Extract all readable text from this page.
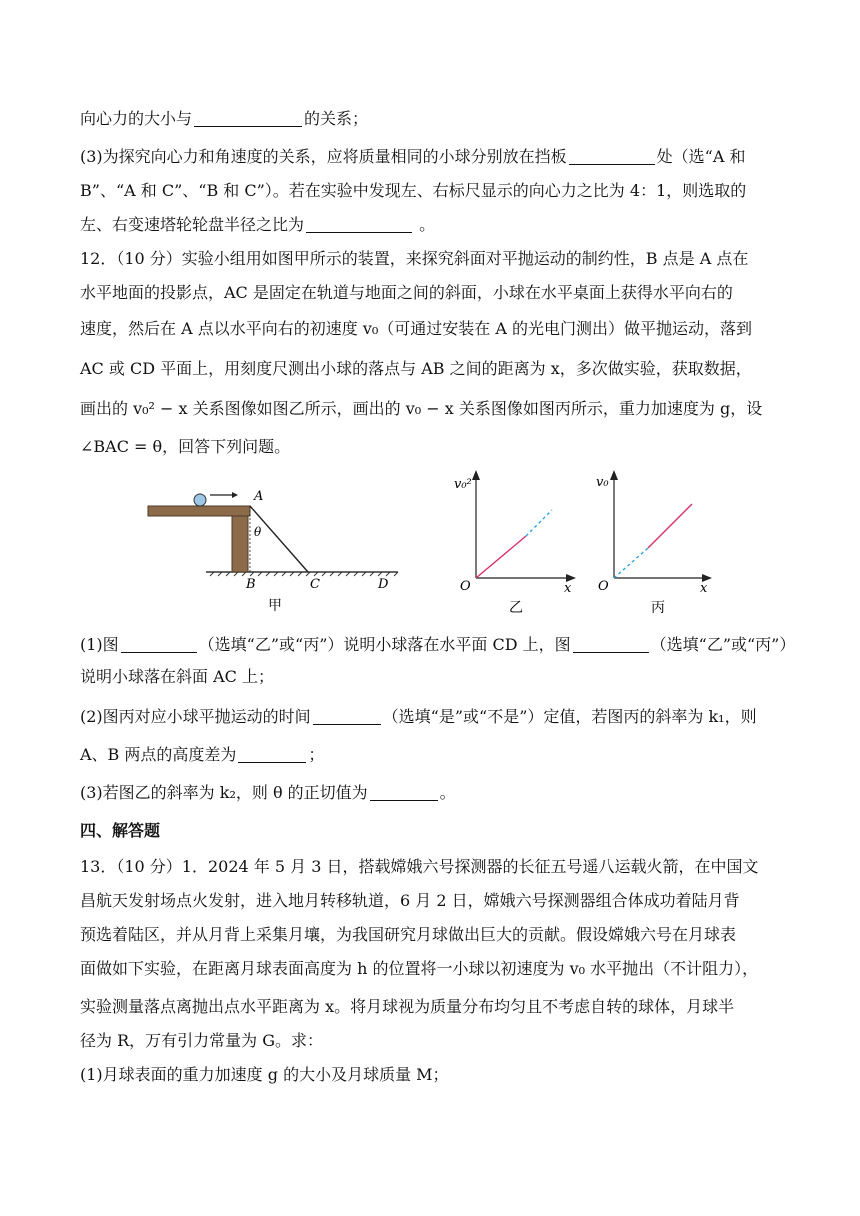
向心力的大小与	的关系；
(3)为探究向心力和角速度的关系，应将质量相同的小球分别放在挡板	处（选“A 和
B”、“A 和 C”、“B 和 C”）。若在实验中发现左、右标尺显示的向心力之比为 4：1，则选取的
左、右变速塔轮轮盘半径之比为	。
12．（10 分）实验小组用如图甲所示的装置，来探究斜面对平抛运动的制约性，B 点是 A 点在
水平地面的投影点，AC 是固定在轨道与地面之间的斜面，小球在水平桌面上获得水平向右的
速度，然后在 A 点以水平向右的初速度 v₀（可通过安装在 A 的光电门测出）做平抛运动，落到
AC 或 CD 平面上，用刻度尺测出小球的落点与 AB 之间的距离为 x，多次做实验，获取数据，
画出的 v₀² − x 关系图像如图乙所示，画出的 v₀ − x 关系图像如图丙所示，重力加速度为 g，设
∠BAC = θ，回答下列问题。
A
θ
B	C	D
甲
v₀²
O	x
乙
v₀
O	x
丙
(1)图	（选填“乙”或“丙”）说明小球落在水平面 CD 上，图	（选填“乙”或“丙”）
说明小球落在斜面 AC 上；
(2)图丙对应小球平抛运动的时间	（选填“是”或“不是”）定值，若图丙的斜率为 k₁，则
A、B 两点的高度差为	；
(3)若图乙的斜率为 k₂，则 θ 的正切值为	。
四、解答题
13．（10 分）1．2024 年 5 月 3 日，搭载嫦娥六号探测器的长征五号遥八运载火箭，在中国文
昌航天发射场点火发射，进入地月转移轨道，6 月 2 日，嫦娥六号探测器组合体成功着陆月背
预选着陆区，并从月背上采集月壤，为我国研究月球做出巨大的贡献。假设嫦娥六号在月球表
面做如下实验，在距离月球表面高度为 h 的位置将一小球以初速度为 v₀ 水平抛出（不计阻力），
实验测量落点离抛出点水平距离为 x。将月球视为质量分布均匀且不考虑自转的球体，月球半
径为 R，万有引力常量为 G。求：
(1)月球表面的重力加速度 g 的大小及月球质量 M；
